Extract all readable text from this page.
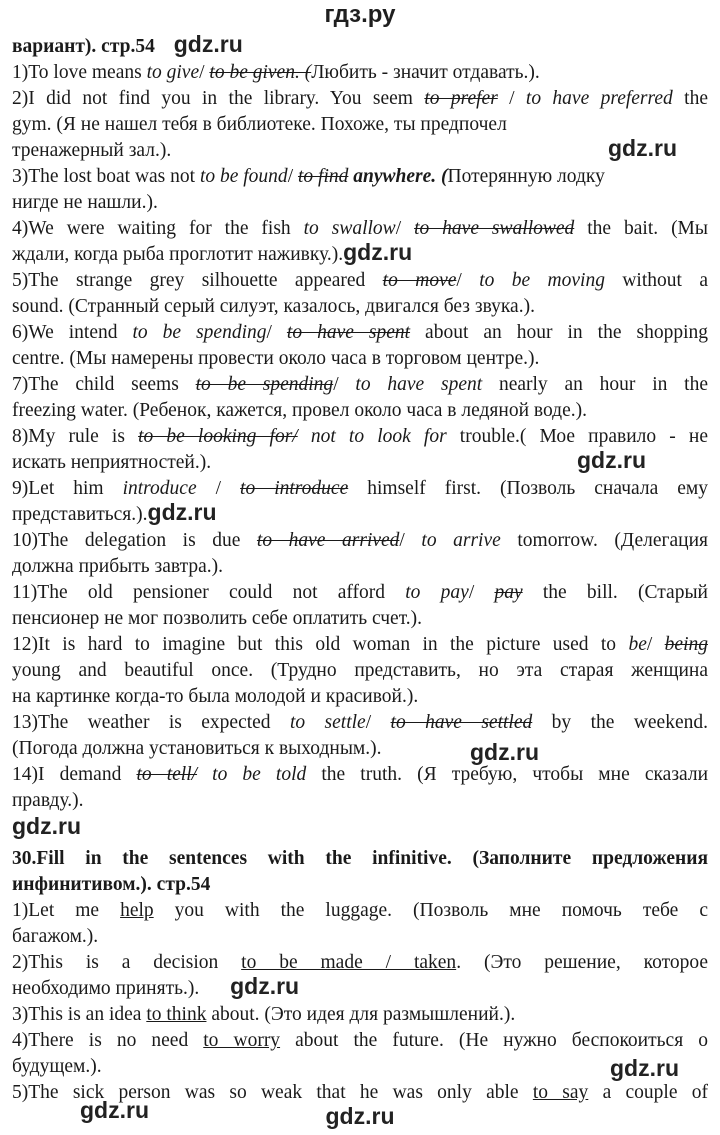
гдз.ру
вариант). стр.54 gdz.ru
1)To love means to give/ to be given. (Любить - значит отдавать.).
2)I did not find you in the library. You seem to prefer / to have preferred the
gym. (Я не нашел тебя в библиотеке. Похоже, ты предпочел
тренажерный зал.).	gdz.ru
3)The lost boat was not to be found/ to find anywhere. (Потерянную лодку
нигде не нашли.).
4)We were waiting for the fish to swallow/ to have swallowed the bait. (Мы
ждали, когда рыба проглотит наживку.).gdz.ru
5)The strange grey silhouette appeared to move/ to be moving without a
sound. (Странный серый силуэт, казалось, двигался без звука.).
6)We intend to be spending/ to have spent about an hour in the shopping
centre. (Мы намерены провести около часа в торговом центре.).
7)The child seems to be spending/ to have spent nearly an hour in the
freezing water. (Ребенок, кажется, провел около часа в ледяной воде.).
8)My rule is to be looking for/ not to look for trouble.( Мое правило - не
искать неприятностей.).	gdz.ru
9)Let him introduce / to introduce himself first. (Позволь сначала ему
представиться.).gdz.ru
10)The delegation is due to have arrived/ to arrive tomorrow. (Делегация
должна прибыть завтра.).
11)The old pensioner could not afford to pay/ pay the bill. (Старый
пенсионер не мог позволить себе оплатить счет.).
12)It is hard to imagine but this old woman in the picture used to be/ being
young and beautiful once. (Трудно представить, но эта старая женщина
на картинке когда-то была молодой и красивой.).
13)The weather is expected to settle/ to have settled by the weekend.
(Погода должна установиться к выходным.).	gdz.ru
14)I demand to tell/ to be told the truth. (Я требую, чтобы мне сказали
правду.).
gdz.ru
30.Fill in the sentences with the infinitive. (Заполните предложения
инфинитивом.). стр.54
1)Let me help you with the luggage. (Позволь мне помочь тебе с
багажом.).
2)This is a decision to be made / taken. (Это решение, которое
необходимо принять.). gdz.ru
3)This is an idea to think about. (Это идея для размышлений.).
4)There is no need to worry about the future. (Не нужно беспокоиться о
будущем.).	gdz.ru
5)The sick person was so weak that he was only able to say a couple of
gdz.ru	gdz.ru
